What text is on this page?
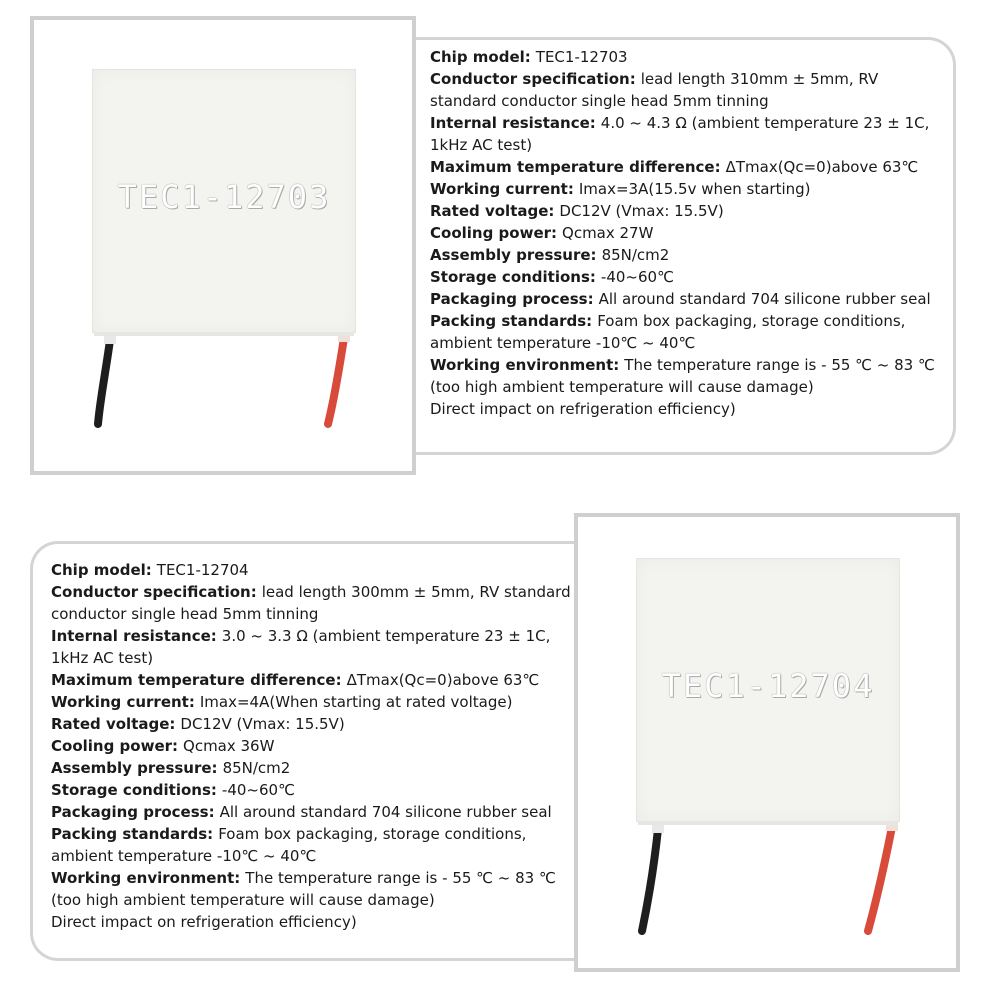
TEC1-12703

Chip model: TEC1-12703

Conductor specification: lead length 310mm ± 5mm, RV standard conductor single head 5mm tinning

Internal resistance: 4.0 ~ 4.3 Ω (ambient temperature 23 ± 1C, 1kHz AC test)

Maximum temperature difference: ΔTmax(Qc=0)above 63℃

Working current: Imax=3A(15.5v when starting)

Rated voltage: DC12V (Vmax: 15.5V)

Cooling power: Qcmax 27W

Assembly pressure: 85N/cm2

Storage conditions: -40~60℃

Packaging process: All around standard 704 silicone rubber seal

Packing standards: Foam box packaging, storage conditions, ambient temperature -10℃ ~ 40℃

Working environment: The temperature range is - 55 ℃ ~ 83 ℃ (too high ambient temperature will cause damage)

Direct impact on refrigeration efficiency)

TEC1-12704

Chip model: TEC1-12704

Conductor specification: lead length 300mm ± 5mm, RV standard conductor single head 5mm tinning

Internal resistance: 3.0 ~ 3.3 Ω (ambient temperature 23 ± 1C, 1kHz AC test)

Maximum temperature difference: ΔTmax(Qc=0)above 63℃

Working current: Imax=4A(When starting at rated voltage)

Rated voltage: DC12V (Vmax: 15.5V)

Cooling power: Qcmax 36W

Assembly pressure: 85N/cm2

Storage conditions: -40~60℃

Packaging process: All around standard 704 silicone rubber seal

Packing standards: Foam box packaging, storage conditions, ambient temperature -10℃ ~ 40℃

Working environment: The temperature range is - 55 ℃ ~ 83 ℃ (too high ambient temperature will cause damage)

Direct impact on refrigeration efficiency)
